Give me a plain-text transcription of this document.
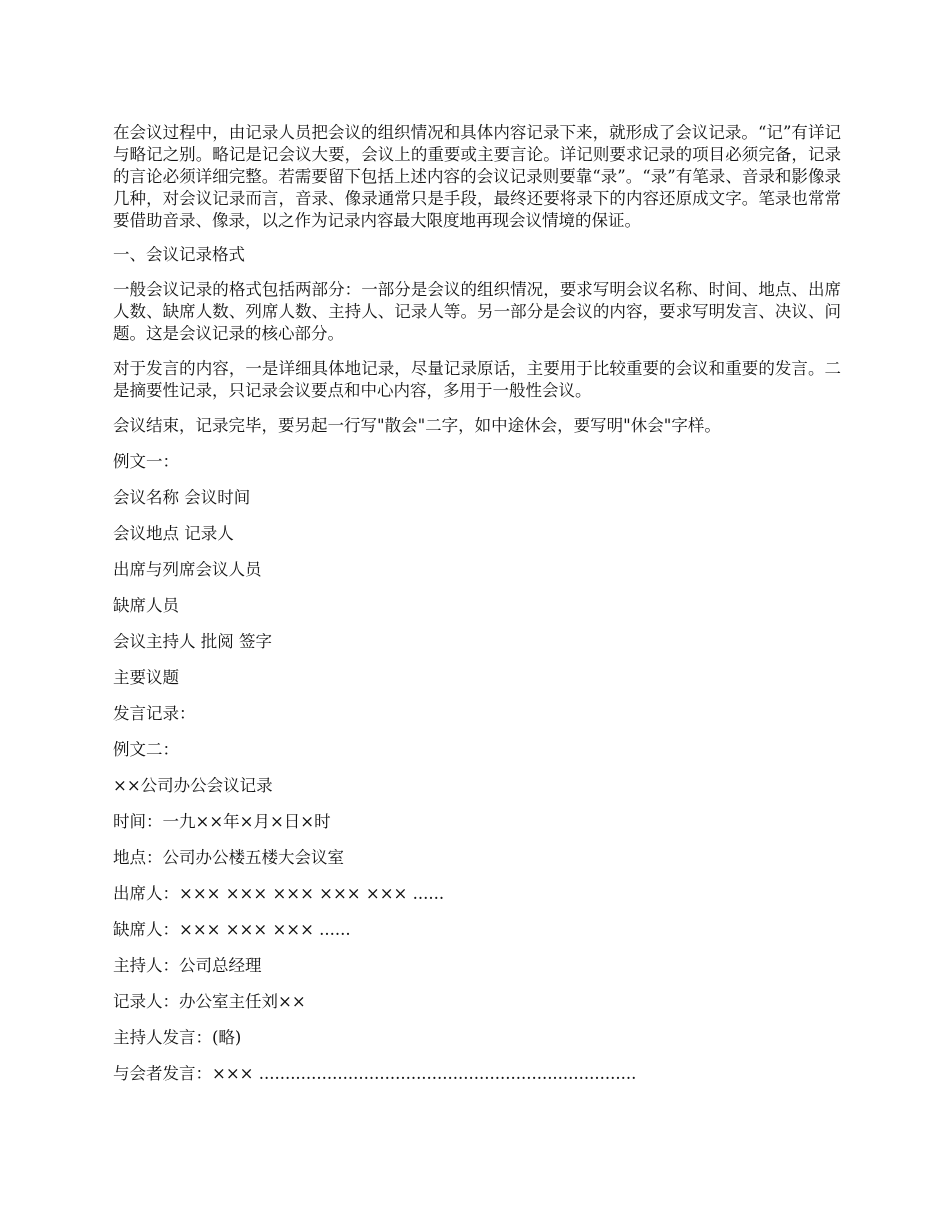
在会议过程中，由记录人员把会议的组织情况和具体内容记录下来，就形成了会议记录。“记”有详记与略记之别。略记是记会议大要，会议上的重要或主要言论。详记则要求记录的项目必须完备，记录的言论必须详细完整。若需要留下包括上述内容的会议记录则要靠“录”。“录”有笔录、音录和影像录几种，对会议记录而言，音录、像录通常只是手段，最终还要将录下的内容还原成文字。笔录也常常要借助音录、像录，以之作为记录内容最大限度地再现会议情境的保证。

一、会议记录格式

一般会议记录的格式包括两部分：一部分是会议的组织情况，要求写明会议名称、时间、地点、出席人数、缺席人数、列席人数、主持人、记录人等。另一部分是会议的内容，要求写明发言、决议、问题。这是会议记录的核心部分。

对于发言的内容，一是详细具体地记录，尽量记录原话，主要用于比较重要的会议和重要的发言。二是摘要性记录，只记录会议要点和中心内容，多用于一般性会议。

会议结束，记录完毕，要另起一行写"散会"二字，如中途休会，要写明"休会"字样。

例文一：

会议名称 会议时间

会议地点 记录人

出席与列席会议人员

缺席人员

会议主持人 批阅 签字

主要议题

发言记录：

例文二：

××公司办公会议记录

时间：一九××年×月×日×时

地点：公司办公楼五楼大会议室

出席人：××× ××× ××× ××× ××× ......

缺席人：××× ××× ××× ......

主持人：公司总经理

记录人：办公室主任刘××

主持人发言：(略)

与会者发言：××× ........................................................................
